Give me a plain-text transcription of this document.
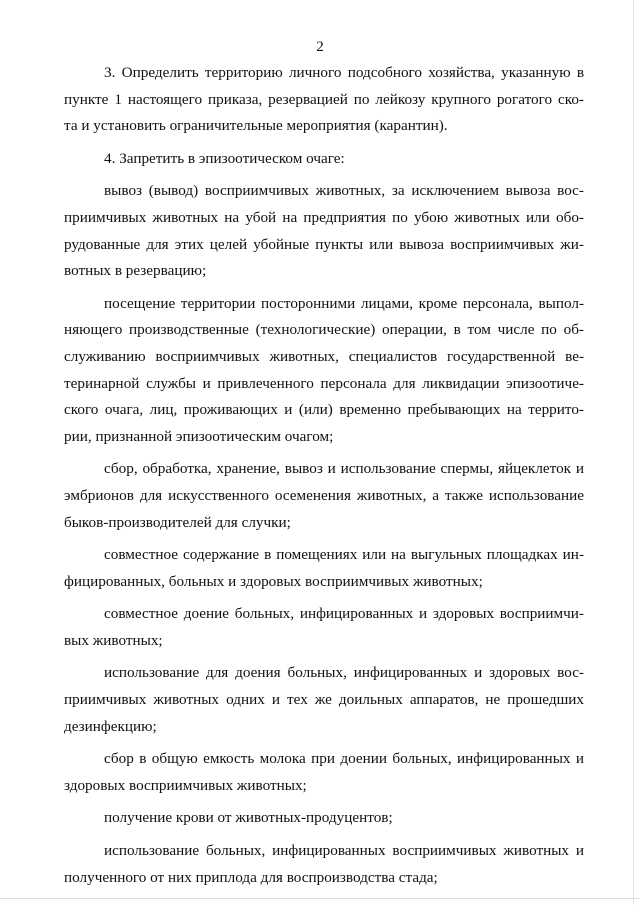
2
3. Определить территорию личного подсобного хозяйства, указанную в
пункте 1 настоящего приказа, резервацией по лейкозу крупного рогатого ско-
та и установить ограничительные мероприятия (карантин).
4. Запретить в эпизоотическом очаге:
вывоз (вывод) восприимчивых животных, за исключением вывоза вос-
приимчивых животных на убой на предприятия по убою животных или обо-
рудованные для этих целей убойные пункты или вывоза восприимчивых жи-
вотных в резервацию;
посещение территории посторонними лицами, кроме персонала, выпол-
няющего производственные (технологические) операции, в том числе по об-
служиванию восприимчивых животных, специалистов государственной ве-
теринарной службы и привлеченного персонала для ликвидации эпизоотиче-
ского очага, лиц, проживающих и (или) временно пребывающих на террито-
рии, признанной эпизоотическим очагом;
сбор, обработка, хранение, вывоз и использование спермы, яйцеклеток и
эмбрионов для искусственного осеменения животных, а также использование
быков-производителей для случки;
совместное содержание в помещениях или на выгульных площадках ин-
фицированных, больных и здоровых восприимчивых животных;
совместное доение больных, инфицированных и здоровых восприимчи-
вых животных;
использование для доения больных, инфицированных и здоровых вос-
приимчивых животных одних и тех же доильных аппаратов, не прошедших
дезинфекцию;
сбор в общую емкость молока при доении больных, инфицированных и
здоровых восприимчивых животных;
получение крови от животных-продуцентов;
использование больных, инфицированных восприимчивых животных и
полученного от них приплода для воспроизводства стада;
